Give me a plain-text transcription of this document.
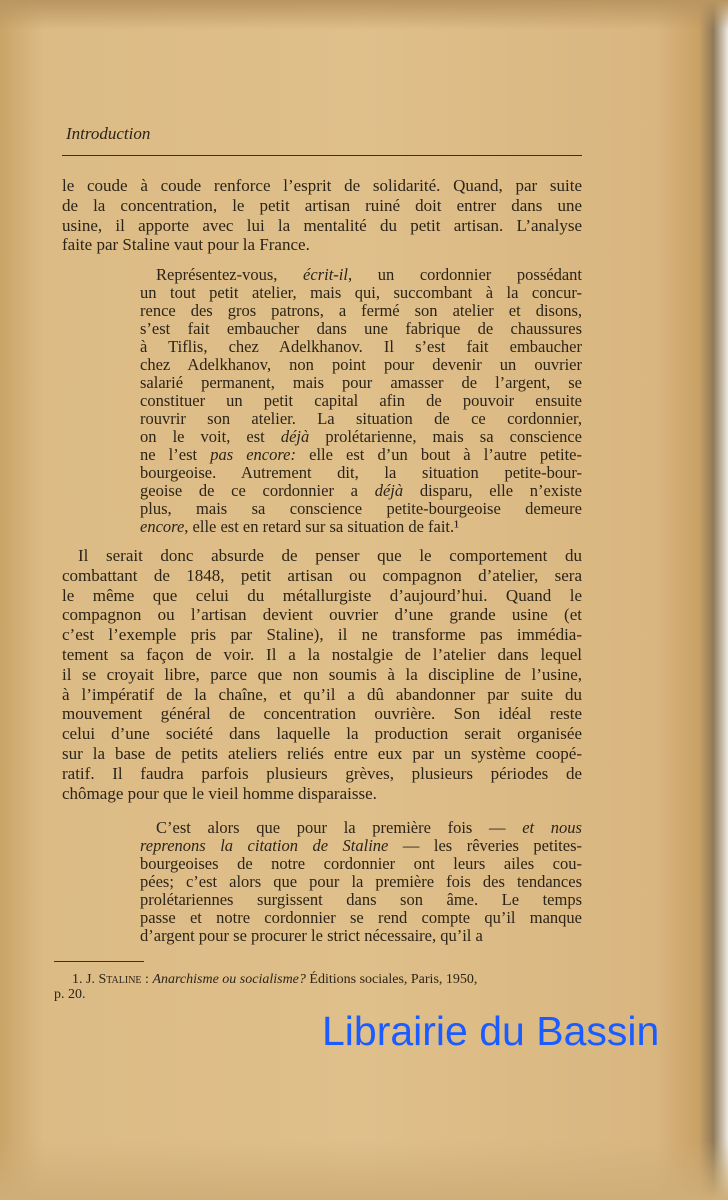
Introduction
le coude à coude renforce l’esprit de solidarité. Quand, par suite
de la concentration, le petit artisan ruiné doit entrer dans une
usine, il apporte avec lui la mentalité du petit artisan. L’analyse
faite par Staline vaut pour la France.
Représentez-vous, écrit-il, un cordonnier possédant
un tout petit atelier, mais qui, succombant à la concur-
rence des gros patrons, a fermé son atelier et disons,
s’est fait embaucher dans une fabrique de chaussures
à Tiflis, chez Adelkhanov. Il s’est fait embaucher
chez Adelkhanov, non point pour devenir un ouvrier
salarié permanent, mais pour amasser de l’argent, se
constituer un petit capital afin de pouvoir ensuite
rouvrir son atelier. La situation de ce cordonnier,
on le voit, est déjà prolétarienne, mais sa conscience
ne l’est pas encore: elle est d’un bout à l’autre petite-
bourgeoise. Autrement dit, la situation petite-bour-
geoise de ce cordonnier a déjà disparu, elle n’existe
plus, mais sa conscience petite-bourgeoise demeure
encore, elle est en retard sur sa situation de fait.¹
Il serait donc absurde de penser que le comportement du
combattant de 1848, petit artisan ou compagnon d’atelier, sera
le même que celui du métallurgiste d’aujourd’hui. Quand le
compagnon ou l’artisan devient ouvrier d’une grande usine (et
c’est l’exemple pris par Staline), il ne transforme pas immédia-
tement sa façon de voir. Il a la nostalgie de l’atelier dans lequel
il se croyait libre, parce que non soumis à la discipline de l’usine,
à l’impératif de la chaîne, et qu’il a dû abandonner par suite du
mouvement général de concentration ouvrière. Son idéal reste
celui d’une société dans laquelle la production serait organisée
sur la base de petits ateliers reliés entre eux par un système coopé-
ratif. Il faudra parfois plusieurs grèves, plusieurs périodes de
chômage pour que le vieil homme disparaisse.
C’est alors que pour la première fois — et nous
reprenons la citation de Staline — les rêveries petites-
bourgeoises de notre cordonnier ont leurs ailes cou-
pées; c’est alors que pour la première fois des tendances
prolétariennes surgissent dans son âme. Le temps
passe et notre cordonnier se rend compte qu’il manque
d’argent pour se procurer le strict nécessaire, qu’il a
1. J. Staline : Anarchisme ou socialisme? Éditions sociales, Paris, 1950,
p. 20.
Librairie du Bassin
